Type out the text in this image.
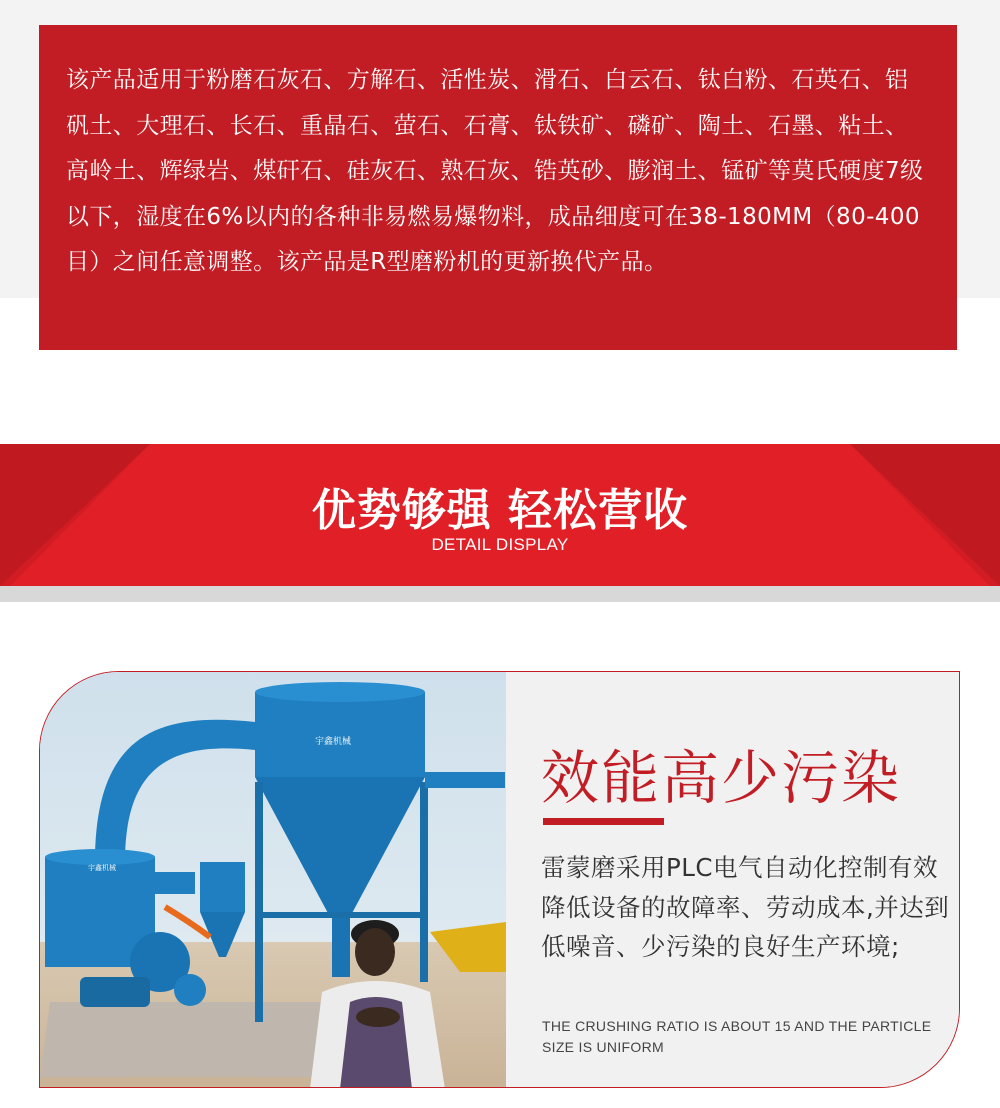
该产品适用于粉磨石灰石、方解石、活性炭、滑石、白云石、钛白粉、石英石、铝矾土、大理石、长石、重晶石、萤石、石膏、钛铁矿、磷矿、陶土、石墨、粘土、高岭土、辉绿岩、煤矸石、硅灰石、熟石灰、锆英砂、膨润土、锰矿等莫氏硬度7级以下，湿度在6%以内的各种非易燃易爆物料，成品细度可在38-180MM（80-400目）之间任意调整。该产品是R型磨粉机的更新换代产品。

优势够强 轻松营收
DETAIL DISPLAY
宇鑫机械
宇鑫机械
效能高少污染
雷蒙磨采用PLC电气自动化控制有效降低设备的故障率、劳动成本,并达到低噪音、少污染的良好生产环境;
THE CRUSHING RATIO IS ABOUT 15 AND THE PARTICLE SIZE IS UNIFORM
